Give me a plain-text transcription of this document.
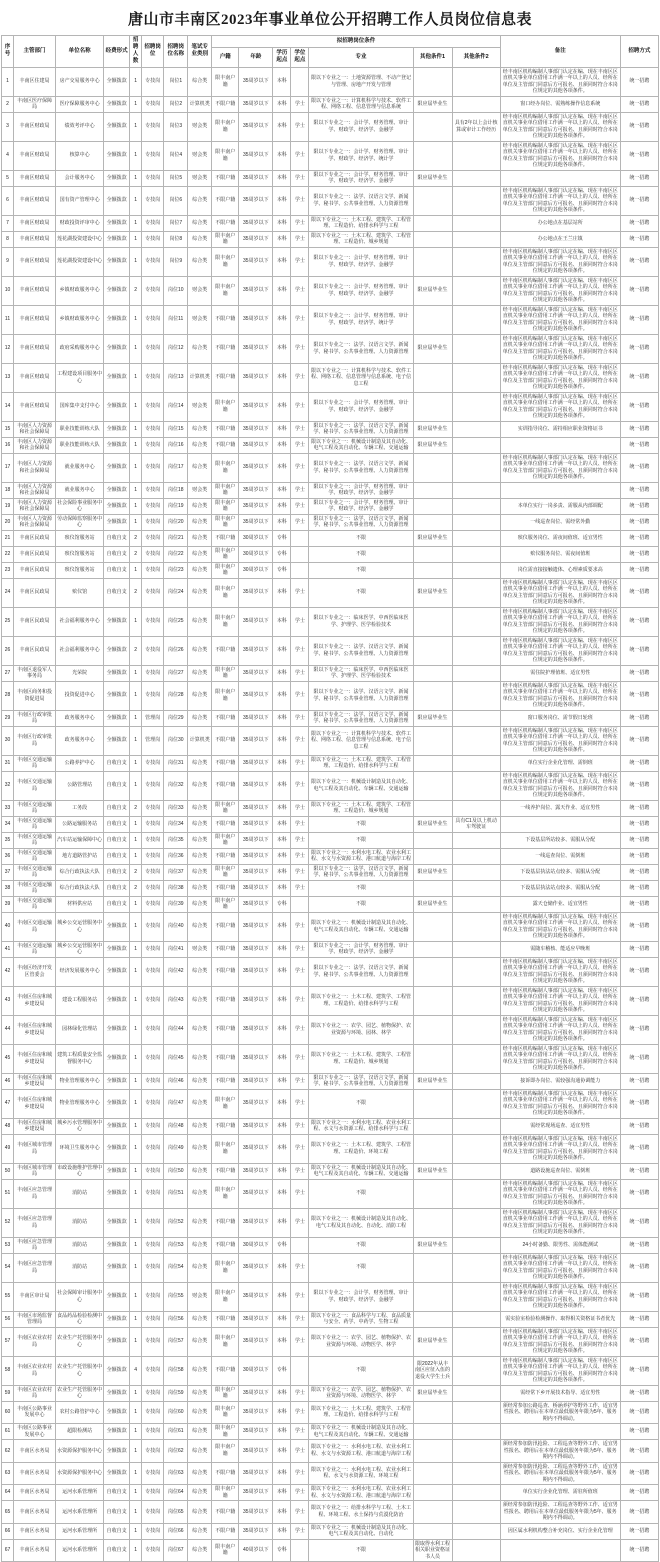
唐山市丰南区2023年事业单位公开招聘工作人员岗位信息表
序号	主管部门	单位名称	经费形式	招聘人数	招聘岗位	招聘岗位名称	笔试专业类别	拟招聘岗位条件							备注	招聘方式
								户籍	年龄	学历起点	学位起点	专业	其他条件1	其他条件2		
1	丰南区住建局	房产交易服务中心	全额拨款	1	专技岗	岗位1	综合类	限丰南户籍	35周岁以下	本科		限以下专业之一：土地资源管理、不动产登记与管理、房地产开发与管理			经丰南区机构编制人事部门认定在编、现在丰南区区直机关事业单位借用工作满一年以上的人员、经所在单位及主管部门同意后方可报名、且须同时符合本岗位规定的其他各项条件。	统一招聘
2	丰南区医疗保障局	医疗保障服务中心	全额拨款	1	专技岗	岗位2	计算机类	不限户籍	35周岁以下	本科	学士	限以下专业之一：计算机科学与技术、软件工程、网络工程、信息管理与信息系统	限应届毕业生		窗口经办岗位、需熟练操作信息系统	统一招聘
3	丰南区财政局	绩效考评中心	全额拨款	1	专技岗	岗位3	财会类	限丰南户籍	35周岁以下	本科	学士	限以下专业之一：会计学、财务管理、审计学、财政学、经济学、金融学		具有2年以上会计核算或审计工作经历	经丰南区机构编制人事部门认定在编、现在丰南区区直机关事业单位借用工作满一年以上的人员、经所在单位及主管部门同意后方可报名、且须同时符合本岗位规定的其他各项条件。	统一招聘
4	丰南区财政局	核算中心	全额拨款	1	专技岗	岗位4	财会类	限丰南户籍	35周岁以下	本科	学士	限以下专业之一：会计学、财务管理、审计学、财政学、经济学、统计学			经丰南区机构编制人事部门认定在编、现在丰南区区直机关事业单位借用工作满一年以上的人员、经所在单位及主管部门同意后方可报名、且须同时符合本岗位规定的其他各项条件。	统一招聘
5	丰南区财政局	会计服务中心	全额拨款	1	专技岗	岗位5	财会类	不限户籍	35周岁以下	本科	学士	限以下专业之一：会计学、财务管理、审计学、财政学、经济学、金融学	限应届毕业生			统一招聘
6	丰南区财政局	国有资产管理中心	全额拨款	1	专技岗	岗位6	综合类	不限户籍	35周岁以下	本科	学士	限以下专业之一：法学、汉语言文学、新闻学、秘书学、公共事业管理、人力资源管理			经丰南区机构编制人事部门认定在编、现在丰南区区直机关事业单位借用工作满一年以上的人员、经所在单位及主管部门同意后方可报名、且须同时符合本岗位规定的其他各项条件。	统一招聘
7	丰南区财政局	财政投资评审中心	全额拨款	1	专技岗	岗位7	综合类	不限户籍	35周岁以下	本科	学士	限以下专业之一：土木工程、建筑学、工程管理、工程造价、给排水科学与工程			办公地点在基层站所	统一招聘
8	丰南区财政局	莲花湖投资建设中心	全额拨款	1	专技岗	岗位8	综合类	限丰南户籍	35周岁以下	本科	学士	限以下专业之一：土木工程、建筑学、工程管理、工程造价、城乡规划			办公地点在王兰庄镇	统一招聘
9	丰南区财政局	莲花湖投资建设中心	全额拨款	1	专技岗	岗位9	综合类	限丰南户籍	35周岁以下	本科	学士	限以下专业之一：会计学、财务管理、审计学、财政学、经济学、金融学			经丰南区机构编制人事部门认定在编、现在丰南区区直机关事业单位借用工作满一年以上的人员、经所在单位及主管部门同意后方可报名、且须同时符合本岗位规定的其他各项条件。	统一招聘
10	丰南区财政局	乡镇财政服务中心	全额拨款	2	专技岗	岗位10	财会类	限丰南户籍	35周岁以下	本科	学士	限以下专业之一：会计学、财务管理、审计学、财政学、经济学、金融学	限应届毕业生		经丰南区机构编制人事部门认定在编、现在丰南区区直机关事业单位借用工作满一年以上的人员、经所在单位及主管部门同意后方可报名、且须同时符合本岗位规定的其他各项条件。	统一招聘
11	丰南区财政局	乡镇财政服务中心	全额拨款	1	专技岗	岗位11	财会类	不限户籍	35周岁以下	本科	学士	限以下专业之一：会计学、财务管理、审计学、财政学、经济学、统计学			经丰南区机构编制人事部门认定在编、现在丰南区区直机关事业单位借用工作满一年以上的人员、经所在单位及主管部门同意后方可报名、且须同时符合本岗位规定的其他各项条件。	统一招聘
12	丰南区财政局	政府采购服务中心	全额拨款	1	专技岗	岗位12	综合类	不限户籍	35周岁以下	本科	学士	限以下专业之一：法学、汉语言文学、新闻学、秘书学、公共事业管理、人力资源管理	限应届毕业生		经丰南区机构编制人事部门认定在编、现在丰南区区直机关事业单位借用工作满一年以上的人员、经所在单位及主管部门同意后方可报名、且须同时符合本岗位规定的其他各项条件。	统一招聘
13	丰南区财政局	工程建设项目服务中心	全额拨款	1	专技岗	岗位13	计算机类	不限户籍	35周岁以下	本科	学士	限以下专业之一：计算机科学与技术、软件工程、网络工程、信息管理与信息系统、电子信息工程			经丰南区机构编制人事部门认定在编、现在丰南区区直机关事业单位借用工作满一年以上的人员、经所在单位及主管部门同意后方可报名、且须同时符合本岗位规定的其他各项条件。	统一招聘
14	丰南区财政局	国库集中支付中心	全额拨款	1	专技岗	岗位14	财会类	限丰南户籍	35周岁以下	本科	学士	限以下专业之一：会计学、财务管理、审计学、财政学、经济学、金融学			经丰南区机构编制人事部门认定在编、现在丰南区区直机关事业单位借用工作满一年以上的人员、经所在单位及主管部门同意后方可报名、且须同时符合本岗位规定的其他各项条件。	统一招聘
15	丰南区人力资源和社会保障局	职业技能训练大队	全额拨款	1	专技岗	岗位15	综合类	不限户籍	35周岁以下	本科	学士	限以下专业之一：法学、汉语言文学、新闻学、秘书学、公共事业管理、人力资源管理	限应届毕业生		实训指导岗位、需持相应职业资格证书	统一招聘
16	丰南区人力资源和社会保障局	职业技能训练大队	全额拨款	1	专技岗	岗位16	综合类	不限户籍	35周岁以下	本科	学士	限以下专业之一：机械设计制造及其自动化、电气工程及其自动化、车辆工程、交通运输	限应届毕业生			统一招聘
17	丰南区人力资源和社会保障局	就业服务中心	全额拨款	1	专技岗	岗位17	综合类	限丰南户籍	35周岁以下	本科	学士	限以下专业之一：法学、汉语言文学、新闻学、秘书学、公共事业管理、人力资源管理			经丰南区机构编制人事部门认定在编、现在丰南区区直机关事业单位借用工作满一年以上的人员、经所在单位及主管部门同意后方可报名、且须同时符合本岗位规定的其他各项条件。	统一招聘
18	丰南区人力资源和社会保障局	就业服务中心	全额拨款	1	专技岗	岗位18	财会类	限丰南户籍	35周岁以下	本科	学士	限以下专业之一：会计学、财务管理、审计学、财政学、经济学、金融学				统一招聘
19	丰南区人力资源和社会保障局	社会保险事业服务中心	全额拨款	1	专技岗	岗位19	综合类	限丰南户籍	35周岁以下	本科	学士	限以下专业之一：会计学、财务管理、审计学、财政学、经济学、金融学			本单位实行一岗多责、需服从内部调配	统一招聘
20	丰南区人力资源和社会保障局	劳动保障监察服务中心	全额拨款	1	专技岗	岗位20	综合类	限丰南户籍	35周岁以下	本科	学士	限以下专业之一：法学、汉语言文学、新闻学、秘书学、公共事业管理、人力资源管理			一线巡查岗位、需经常外勤	统一招聘
21	丰南区民政局	殡仪馆服务站	自收自支	2	专技岗	岗位21	综合类	不限户籍	30周岁以下	专科		不限	限应届毕业生		殡仪服务岗位、需夜间值班、适宜男性	统一招聘
22	丰南区民政局	殡仪馆服务站	自收自支	2	专技岗	岗位22	综合类	限丰南户籍	30周岁以下	专科		不限			殡仪服务岗位、需夜间值班	统一招聘
23	丰南区民政局	殡仪馆服务站	自收自支	1	专技岗	岗位23	综合类	限丰南户籍	30周岁以下	专科		不限			岗位需直接接触遗体、心理素质要求高	统一招聘
24	丰南区民政局	殡仪馆	自收自支	2	专技岗	岗位24	综合类	限丰南户籍	35周岁以下	本科	学士	不限	限应届毕业生		经丰南区机构编制人事部门认定在编、现在丰南区区直机关事业单位借用工作满一年以上的人员、经所在单位及主管部门同意后方可报名、且须同时符合本岗位规定的其他各项条件。	统一招聘
25	丰南区民政局	社会福利服务中心	全额拨款	1	专技岗	岗位25	综合类	限丰南户籍	35周岁以下	本科	学士	限以下专业之一：临床医学、中西医临床医学、护理学、医学检验技术			经丰南区机构编制人事部门认定在编、现在丰南区区直机关事业单位借用工作满一年以上的人员、经所在单位及主管部门同意后方可报名、且须同时符合本岗位规定的其他各项条件。	统一招聘
26	丰南区民政局	社会福利服务中心	全额拨款	2	专技岗	岗位26	综合类	不限户籍	35周岁以下	本科	学士	限以下专业之一：法学、汉语言文学、新闻学、秘书学、公共事业管理、人力资源管理			经丰南区机构编制人事部门认定在编、现在丰南区区直机关事业单位借用工作满一年以上的人员、经所在单位及主管部门同意后方可报名、且须同时符合本岗位规定的其他各项条件。	统一招聘
27	丰南区退役军人事务局	光荣院	全额拨款	1	专技岗	岗位27	综合类	限丰南户籍	35周岁以下	本科	学士	限以下专业之一：临床医学、中西医临床医学、护理学、医学检验技术			需住院护理值班、适宜男性	统一招聘
28	丰南区商务和投资促进局	投资促进中心	全额拨款	1	专技岗	岗位28	综合类	限丰南户籍	35周岁以下	本科	学士	限以下专业之一：法学、汉语言文学、新闻学、秘书学、公共事业管理、人力资源管理			经丰南区机构编制人事部门认定在编、现在丰南区区直机关事业单位借用工作满一年以上的人员、经所在单位及主管部门同意后方可报名、且须同时符合本岗位规定的其他各项条件。	统一招聘
29	丰南区行政审批局	政务服务中心	全额拨款	1	管理岗	岗位29	综合类	不限户籍	35周岁以下	本科	学士	限以下专业之一：法学、汉语言文学、新闻学、秘书学、公共事业管理、人力资源管理	限应届毕业生		窗口服务岗位、需节假日轮班	统一招聘
30	丰南区行政审批局	政务服务中心	全额拨款	1	管理岗	岗位30	计算机类	不限户籍	35周岁以下	本科	学士	限以下专业之一：计算机科学与技术、软件工程、网络工程、信息管理与信息系统、电子信息工程			经丰南区机构编制人事部门认定在编、现在丰南区区直机关事业单位借用工作满一年以上的人员、经所在单位及主管部门同意后方可报名、且须同时符合本岗位规定的其他各项条件。	统一招聘
31	丰南区交通运输局	公路养护中心	自收自支	1	专技岗	岗位31	综合类	不限户籍	35周岁以下	本科	学士	限以下专业之一：土木工程、建筑学、工程管理、工程造价、给排水科学与工程			单位实行企业化管理、需倒班	统一招聘
32	丰南区交通运输局	公路管理站	自收自支	1	专技岗	岗位32	综合类	不限户籍	35周岁以下	本科	学士	限以下专业之一：机械设计制造及其自动化、电气工程及其自动化、车辆工程、交通运输			经丰南区机构编制人事部门认定在编、现在丰南区区直机关事业单位借用工作满一年以上的人员、经所在单位及主管部门同意后方可报名、且须同时符合本岗位规定的其他各项条件。	统一招聘
33	丰南区交通运输局	工务段	自收自支	2	专技岗	岗位33	综合类	限丰南户籍	35周岁以下	本科	学士	限以下专业之一：土木工程、建筑学、工程管理、工程造价、城乡规划			一线养护岗位、露天作业、适宜男性	统一招聘
34	丰南区交通运输局	公路运输服务站	自收自支	1	专技岗	岗位34	综合类	不限户籍	35周岁以下	本科	学士	不限	限应届毕业生	具有C1及以上机动车驾驶证		统一招聘
35	丰南区交通运输局	汽车站运输保障中心	自收自支	1	专技岗	岗位35	综合类	限丰南户籍	35周岁以下	本科	学士	不限			下设基层所站较多、需服从分配	统一招聘
36	丰南区交通运输局	地方道路管护站	自收自支	1	专技岗	岗位36	综合类	不限户籍	35周岁以下	本科	学士	限以下专业之一：水利水电工程、农业水利工程、水文与水资源工程、港口航道与海岸工程			一线巡查岗位、需倒班	统一招聘
37	丰南区交通运输局	综合行政执法大队	自收自支	2	专技岗	岗位37	综合类	限丰南户籍	35周岁以下	本科	学士	限以下专业之一：法学、汉语言文学、新闻学、秘书学、公共事业管理、人力资源管理	限应届毕业生		下设基层执法站点较多、需服从分配	统一招聘
38	丰南区交通运输局	综合行政执法大队	自收自支	2	专技岗	岗位38	综合类	不限户籍	35周岁以下	本科	学士	不限			下设基层执法站点较多、需服从分配	统一招聘
39	丰南区交通运输局	材料供应站	自收自支	1	专技岗	岗位39	综合类	限丰南户籍	35周岁以下	专科		不限	限应届毕业生		露天仓储作业、适宜男性	统一招聘
40	丰南区交通运输局	城乡公交运营服务中心	全额拨款	1	专技岗	岗位40	综合类	不限户籍	35周岁以下	本科	学士	限以下专业之一：机械设计制造及其自动化、电气工程及其自动化、车辆工程、交通运输			经丰南区机构编制人事部门认定在编、现在丰南区区直机关事业单位借用工作满一年以上的人员、经所在单位及主管部门同意后方可报名、且须同时符合本岗位规定的其他各项条件。	统一招聘
41	丰南区交通运输局	城乡公交运营服务中心	全额拨款	1	专技岗	岗位41	财会类	不限户籍	35周岁以下	本科	学士	限以下专业之一：会计学、财务管理、审计学、财政学、经济学、金融学			需随车稽核、能适应早晚班	统一招聘
42	丰南区经济开发区管委会	经济发展服务中心	全额拨款	1	专技岗	岗位42	综合类	不限户籍	35周岁以下	本科	学士	限以下专业之一：法学、汉语言文学、新闻学、秘书学、公共事业管理、人力资源管理			经丰南区机构编制人事部门认定在编、现在丰南区区直机关事业单位借用工作满一年以上的人员、经所在单位及主管部门同意后方可报名、且须同时符合本岗位规定的其他各项条件。	统一招聘
43	丰南区住房和城乡建设局	建设工程服务站	全额拨款	1	专技岗	岗位43	综合类	不限户籍	35周岁以下	本科	学士	限以下专业之一：土木工程、建筑学、工程管理、工程造价、给排水科学与工程			经丰南区机构编制人事部门认定在编、现在丰南区区直机关事业单位借用工作满一年以上的人员、经所在单位及主管部门同意后方可报名、且须同时符合本岗位规定的其他各项条件。	统一招聘
44	丰南区住房和城乡建设局	园林绿化管理站	全额拨款	1	专技岗	岗位44	综合类	不限户籍	35周岁以下	本科	学士	限以下专业之一：农学、园艺、植物保护、农业资源与环境、园林、林学			经丰南区机构编制人事部门认定在编、现在丰南区区直机关事业单位借用工作满一年以上的人员、经所在单位及主管部门同意后方可报名、且须同时符合本岗位规定的其他各项条件。	统一招聘
45	丰南区住房和城乡建设局	建筑工程质量安全监督服务中心	全额拨款	1	专技岗	岗位45	综合类	不限户籍	35周岁以下	本科	学士	限以下专业之一：土木工程、建筑学、工程管理、工程造价、城乡规划			经丰南区机构编制人事部门认定在编、现在丰南区区直机关事业单位借用工作满一年以上的人员、经所在单位及主管部门同意后方可报名、且须同时符合本岗位规定的其他各项条件。	统一招聘
46	丰南区住房和城乡建设局	物业管理服务中心	全额拨款	1	专技岗	岗位46	综合类	不限户籍	35周岁以下	本科	学士	限以下专业之一：法学、汉语言文学、新闻学、秘书学、公共事业管理、人力资源管理	限应届毕业生		接诉即办岗位、需较强沟通协调能力	统一招聘
47	丰南区住房和城乡建设局	物业管理服务中心	全额拨款	1	专技岗	岗位47	综合类	限丰南户籍	35周岁以下	本科	学士	不限			经丰南区机构编制人事部门认定在编、现在丰南区区直机关事业单位借用工作满一年以上的人员、经所在单位及主管部门同意后方可报名、且须同时符合本岗位规定的其他各项条件。	统一招聘
48	丰南区住房和城乡建设局	城乡污水管理服务中心	全额拨款	1	专技岗	岗位48	综合类	不限户籍	35周岁以下	本科	学士	限以下专业之一：水利水电工程、农业水利工程、水文与水资源工程、给排水科学与工程			需经常现场巡查、适宜男性	统一招聘
49	丰南区城市管理局	环境卫生服务中心	全额拨款	1	专技岗	岗位49	综合类	限丰南户籍	35周岁以下	本科	学士	限以下专业之一：土木工程、建筑学、工程管理、工程造价、环境工程			经丰南区机构编制人事部门认定在编、现在丰南区区直机关事业单位借用工作满一年以上的人员、经所在单位及主管部门同意后方可报名、且须同时符合本岗位规定的其他各项条件。	统一招聘
50	丰南区城市管理局	市政设施维护管理中心	全额拨款	1	专技岗	岗位50	综合类	不限户籍	35周岁以下	本科	学士	限以下专业之一：机械设计制造及其自动化、电气工程及其自动化、车辆工程、交通运输	限应届毕业生		道路设施巡查岗位、需倒班	统一招聘
51	丰南区应急管理局	消防站	全额拨款	1	专技岗	岗位51	综合类	限丰南户籍	35周岁以下	本科	学士	不限			经丰南区机构编制人事部门认定在编、现在丰南区区直机关事业单位借用工作满一年以上的人员、经所在单位及主管部门同意后方可报名、且须同时符合本岗位规定的其他各项条件。	统一招聘
52	丰南区应急管理局	消防站	全额拨款	1	专技岗	岗位52	综合类	不限户籍	35周岁以下	本科	学士	限以下专业之一：机械设计制造及其自动化、电气工程及其自动化、自动化、消防工程			经丰南区机构编制人事部门认定在编、现在丰南区区直机关事业单位借用工作满一年以上的人员、经所在单位及主管部门同意后方可报名、且须同时符合本岗位规定的其他各项条件。	统一招聘
53	丰南区应急管理局	消防站	全额拨款	1	专技岗	岗位53	综合类	不限户籍	30周岁以下	专科		不限	限应届毕业生		24小时备勤、限男性、需体能测试	统一招聘
54	丰南区应急管理局	消防站	全额拨款	1	专技岗	岗位54	综合类	限丰南户籍	35周岁以下	本科	学士	不限			经丰南区机构编制人事部门认定在编、现在丰南区区直机关事业单位借用工作满一年以上的人员、经所在单位及主管部门同意后方可报名、且须同时符合本岗位规定的其他各项条件。	统一招聘
55	丰南区审计局	社会保障审计服务中心	全额拨款	1	专技岗	岗位55	财会类	限丰南户籍	35周岁以下	本科	学士	限以下专业之一：会计学、财务管理、审计学、财政学、经济学、金融学			经丰南区机构编制人事部门认定在编、现在丰南区区直机关事业单位借用工作满一年以上的人员、经所在单位及主管部门同意后方可报名、且须同时符合本岗位规定的其他各项条件。	统一招聘
56	丰南区市场监督管理局	食品药品检验检测中心	全额拨款	1	专技岗	岗位56	综合类	不限户籍	35周岁以下	本科	学士	限以下专业之一：食品科学与工程、食品质量与安全、药学、中药学、生物工程			需实验室检验检测操作、取得相关资格证书者优先	统一招聘
57	丰南区农业农村局	农业生产托管服务中心	全额拨款	1	专技岗	岗位57	综合类	限丰南户籍	35周岁以下	本科	学士	限以下专业之一：农学、园艺、植物保护、农业资源与环境、动物医学、林学	限应届毕业生		经丰南区机构编制人事部门认定在编、现在丰南区区直机关事业单位借用工作满一年以上的人员、经所在单位及主管部门同意后方可报名、且须同时符合本岗位规定的其他各项条件。	统一招聘
58	丰南区农业农村局	农业生产托管服务中心	全额拨款	4	专技岗	岗位58	综合类	不限户籍	30周岁以下	专科		不限	限2022年从丰南区应征入伍的退役大学生士兵		经丰南区机构编制人事部门认定在编、现在丰南区区直机关事业单位借用工作满一年以上的人员、经所在单位及主管部门同意后方可报名、且须同时符合本岗位规定的其他各项条件。	统一招聘
59	丰南区农业农村局	农业生产托管服务中心	全额拨款	1	专技岗	岗位59	综合类	限丰南户籍	35周岁以下	本科	学士	限以下专业之一：农学、园艺、植物保护、农业资源与环境、动物医学、林学	限应届毕业生		需经常下乡开展技术指导、适宜男性	统一招聘
60	丰南区公路事业发展中心	农村公路管护中心	全额拨款	1	专技岗	岗位60	综合类	限丰南户籍	35周岁以下	本科	学士	限以下专业之一：土木工程、建筑学、工程管理、工程造价、给排水科学与工程			须经常参加公路巡查、桥涵养护等野外工作、适宜男性报名、聘用后在本单位最低服务年限为5年、服务期内不得调动。	统一招聘
61	丰南区公路事业发展中心	超限检测站	全额拨款	1	专技岗	岗位61	综合类	限丰南户籍	35周岁以下	本科	学士	限以下专业之一：机械设计制造及其自动化、电气工程及其自动化、车辆工程、交通运输				统一招聘
62	丰南区水务局	水资源保护服务中心	全额拨款	1	专技岗	岗位62	综合类	限丰南户籍	35周岁以下	本科	学士	限以下专业之一：水利水电工程、农业水利工程、水文与水资源工程、港口航道与海岸工程			须经常参加防汛抢险、工程巡查等野外工作、适宜男性报名、聘用后在本单位最低服务年限为5年、服务期内不得调动。	统一招聘
63	丰南区水务局	水资源保护服务中心	全额拨款	1	专技岗	岗位63	综合类	不限户籍	35周岁以下	本科	学士	限以下专业之一：水利水电工程、农业水利工程、水文与水资源工程、环境工程			须经常参加防汛抢险、工程巡查等野外工作、适宜男性报名、聘用后在本单位最低服务年限为5年、服务期内不得调动。	统一招聘
64	丰南区水务局	运河水系管理所	自收自支	1	专技岗	岗位64	综合类	限丰南户籍	35周岁以下	本科	学士	限以下专业之一：水利水电工程、农业水利工程、水文与水资源工程、港口航道与海岸工程			单位实行企业化管理、需驻所值班	统一招聘
65	丰南区水务局	运河水系管理所	自收自支	1	专技岗	岗位65	综合类	不限户籍	35周岁以下	本科	学士	限以下专业之一：给排水科学与工程、土木工程、环境工程、水土保持与荒漠化防治			须经常参加防汛抢险、工程巡查等野外工作、适宜男性报名、聘用后在本单位最低服务年限为5年、服务期内不得调动。	统一招聘
66	丰南区水务局	运河水系管理所	自收自支	1	专技岗	岗位66	综合类	不限户籍	35周岁以下	本科	学士	限以下专业之一：机械设计制造及其自动化、电气工程及其自动化、自动化			因区属水利机构整合补充岗位、实行企业化管理	统一招聘
67	丰南区水务局	运河水系管理所	自收自支	1	专技岗	岗位67	综合类	限丰南户籍	40周岁以下	专科		不限	限取得水利工程相关职业资格证书人员			统一招聘
